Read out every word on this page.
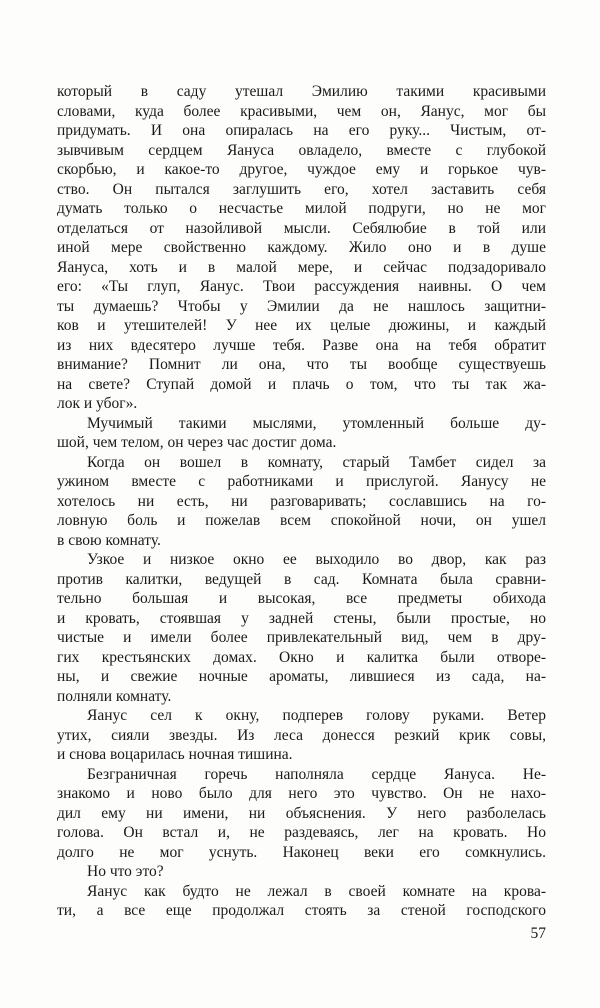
который в саду утешал Эмилию такими красивыми
словами, куда более красивыми, чем он, Яанус, мог бы
придумать. И она опиралась на его руку... Чистым, от-
зывчивым сердцем Яануса овладело, вместе с глубокой
скорбью, и какое-то другое, чуждое ему и горькое чув-
ство. Он пытался заглушить его, хотел заставить себя
думать только о несчастье милой подруги, но не мог
отделаться от назойливой мысли. Себялюбие в той или
иной мере свойственно каждому. Жило оно и в душе
Яануса, хоть и в малой мере, и сейчас подзадоривало
его: «Ты глуп, Яанус. Твои рассуждения наивны. О чем
ты думаешь? Чтобы у Эмилии да не нашлось защитни-
ков и утешителей! У нее их целые дюжины, и каждый
из них вдесятеро лучше тебя. Разве она на тебя обратит
внимание? Помнит ли она, что ты вообще существуешь
на свете? Ступай домой и плачь о том, что ты так жа-
лок и убог».
Мучимый такими мыслями, утомленный больше ду-
шой, чем телом, он через час достиг дома.
Когда он вошел в комнату, старый Тамбет сидел за
ужином вместе с работниками и прислугой. Яанусу не
хотелось ни есть, ни разговаривать; сославшись на го-
ловную боль и пожелав всем спокойной ночи, он ушел
в свою комнату.
Узкое и низкое окно ее выходило во двор, как раз
против калитки, ведущей в сад. Комната была сравни-
тельно большая и высокая, все предметы обихода
и кровать, стоявшая у задней стены, были простые, но
чистые и имели более привлекательный вид, чем в дру-
гих крестьянских домах. Окно и калитка были отворе-
ны, и свежие ночные ароматы, лившиеся из сада, на-
полняли комнату.
Яанус сел к окну, подперев голову руками. Ветер
утих, сияли звезды. Из леса донесся резкий крик совы,
и снова воцарилась ночная тишина.
Безграничная горечь наполняла сердце Яануса. Не-
знакомо и ново было для него это чувство. Он не нахо-
дил ему ни имени, ни объяснения. У него разболелась
голова. Он встал и, не раздеваясь, лег на кровать. Но
долго не мог уснуть. Наконец веки его сомкнулись.
Но что это?
Яанус как будто не лежал в своей комнате на крова-
ти, а все еще продолжал стоять за стеной господского
57
